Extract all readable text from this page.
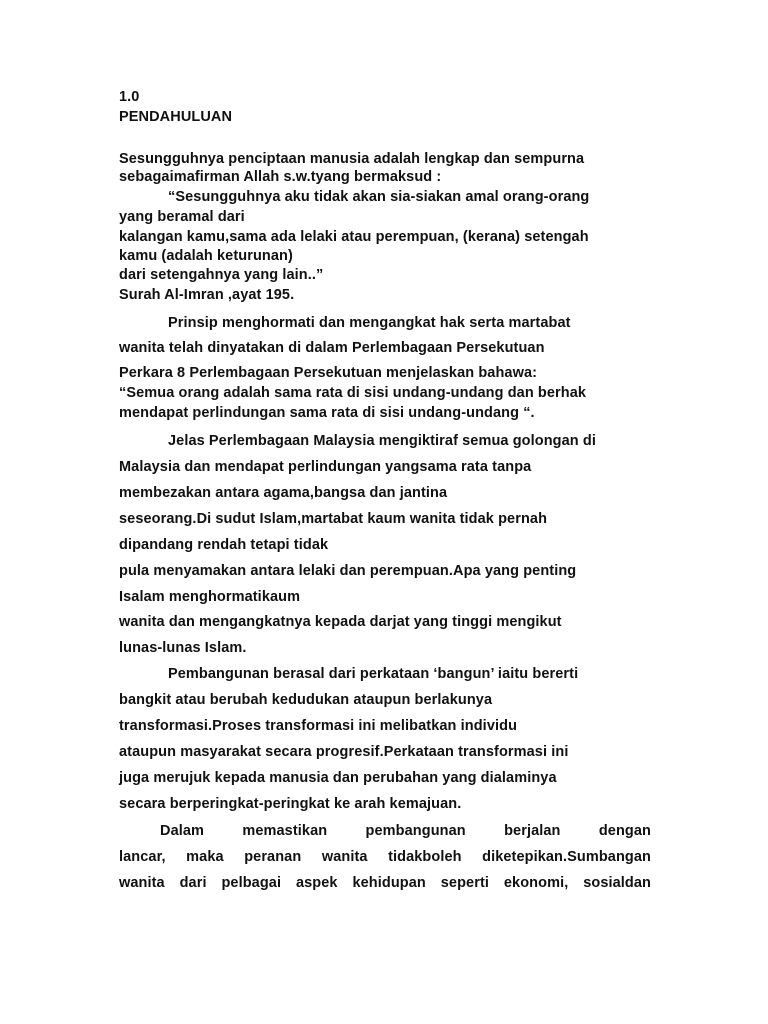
1.0
PENDAHULUAN
Sesungguhnya penciptaan manusia adalah lengkap dan sempurna
sebagaimafirman Allah s.w.tyang bermaksud :
“Sesungguhnya aku tidak akan sia-siakan amal orang-orang
yang beramal dari
kalangan kamu,sama ada lelaki atau perempuan, (kerana) setengah
kamu (adalah keturunan)
dari setengahnya yang lain..”
Surah Al-Imran ,ayat 195.
Prinsip menghormati dan mengangkat hak serta martabat
wanita telah dinyatakan di dalam Perlembagaan Persekutuan
Perkara 8 Perlembagaan Persekutuan menjelaskan bahawa:
“Semua orang adalah sama rata di sisi undang-undang dan berhak
mendapat perlindungan sama rata di sisi undang-undang “.
Jelas Perlembagaan Malaysia mengiktiraf semua golongan di
Malaysia dan mendapat perlindungan yangsama rata tanpa
membezakan antara agama,bangsa dan jantina
seseorang.Di sudut Islam,martabat kaum wanita tidak pernah
dipandang rendah tetapi tidak
pula menyamakan antara lelaki dan perempuan.Apa yang penting
Isalam menghormatikaum
wanita dan mengangkatnya kepada darjat yang tinggi mengikut
lunas-lunas Islam.
Pembangunan berasal dari perkataan ‘bangun’ iaitu bererti
bangkit atau berubah kedudukan ataupun berlakunya
transformasi.Proses transformasi ini melibatkan individu
ataupun masyarakat secara progresif.Perkataan transformasi ini
juga merujuk kepada manusia dan perubahan yang dialaminya
secara berperingkat-peringkat ke arah kemajuan.
Dalam memastikan pembangunan berjalan dengan
lancar, maka peranan wanita tidakboleh diketepikan.Sumbangan
wanita dari pelbagai aspek kehidupan seperti ekonomi, sosialdan
